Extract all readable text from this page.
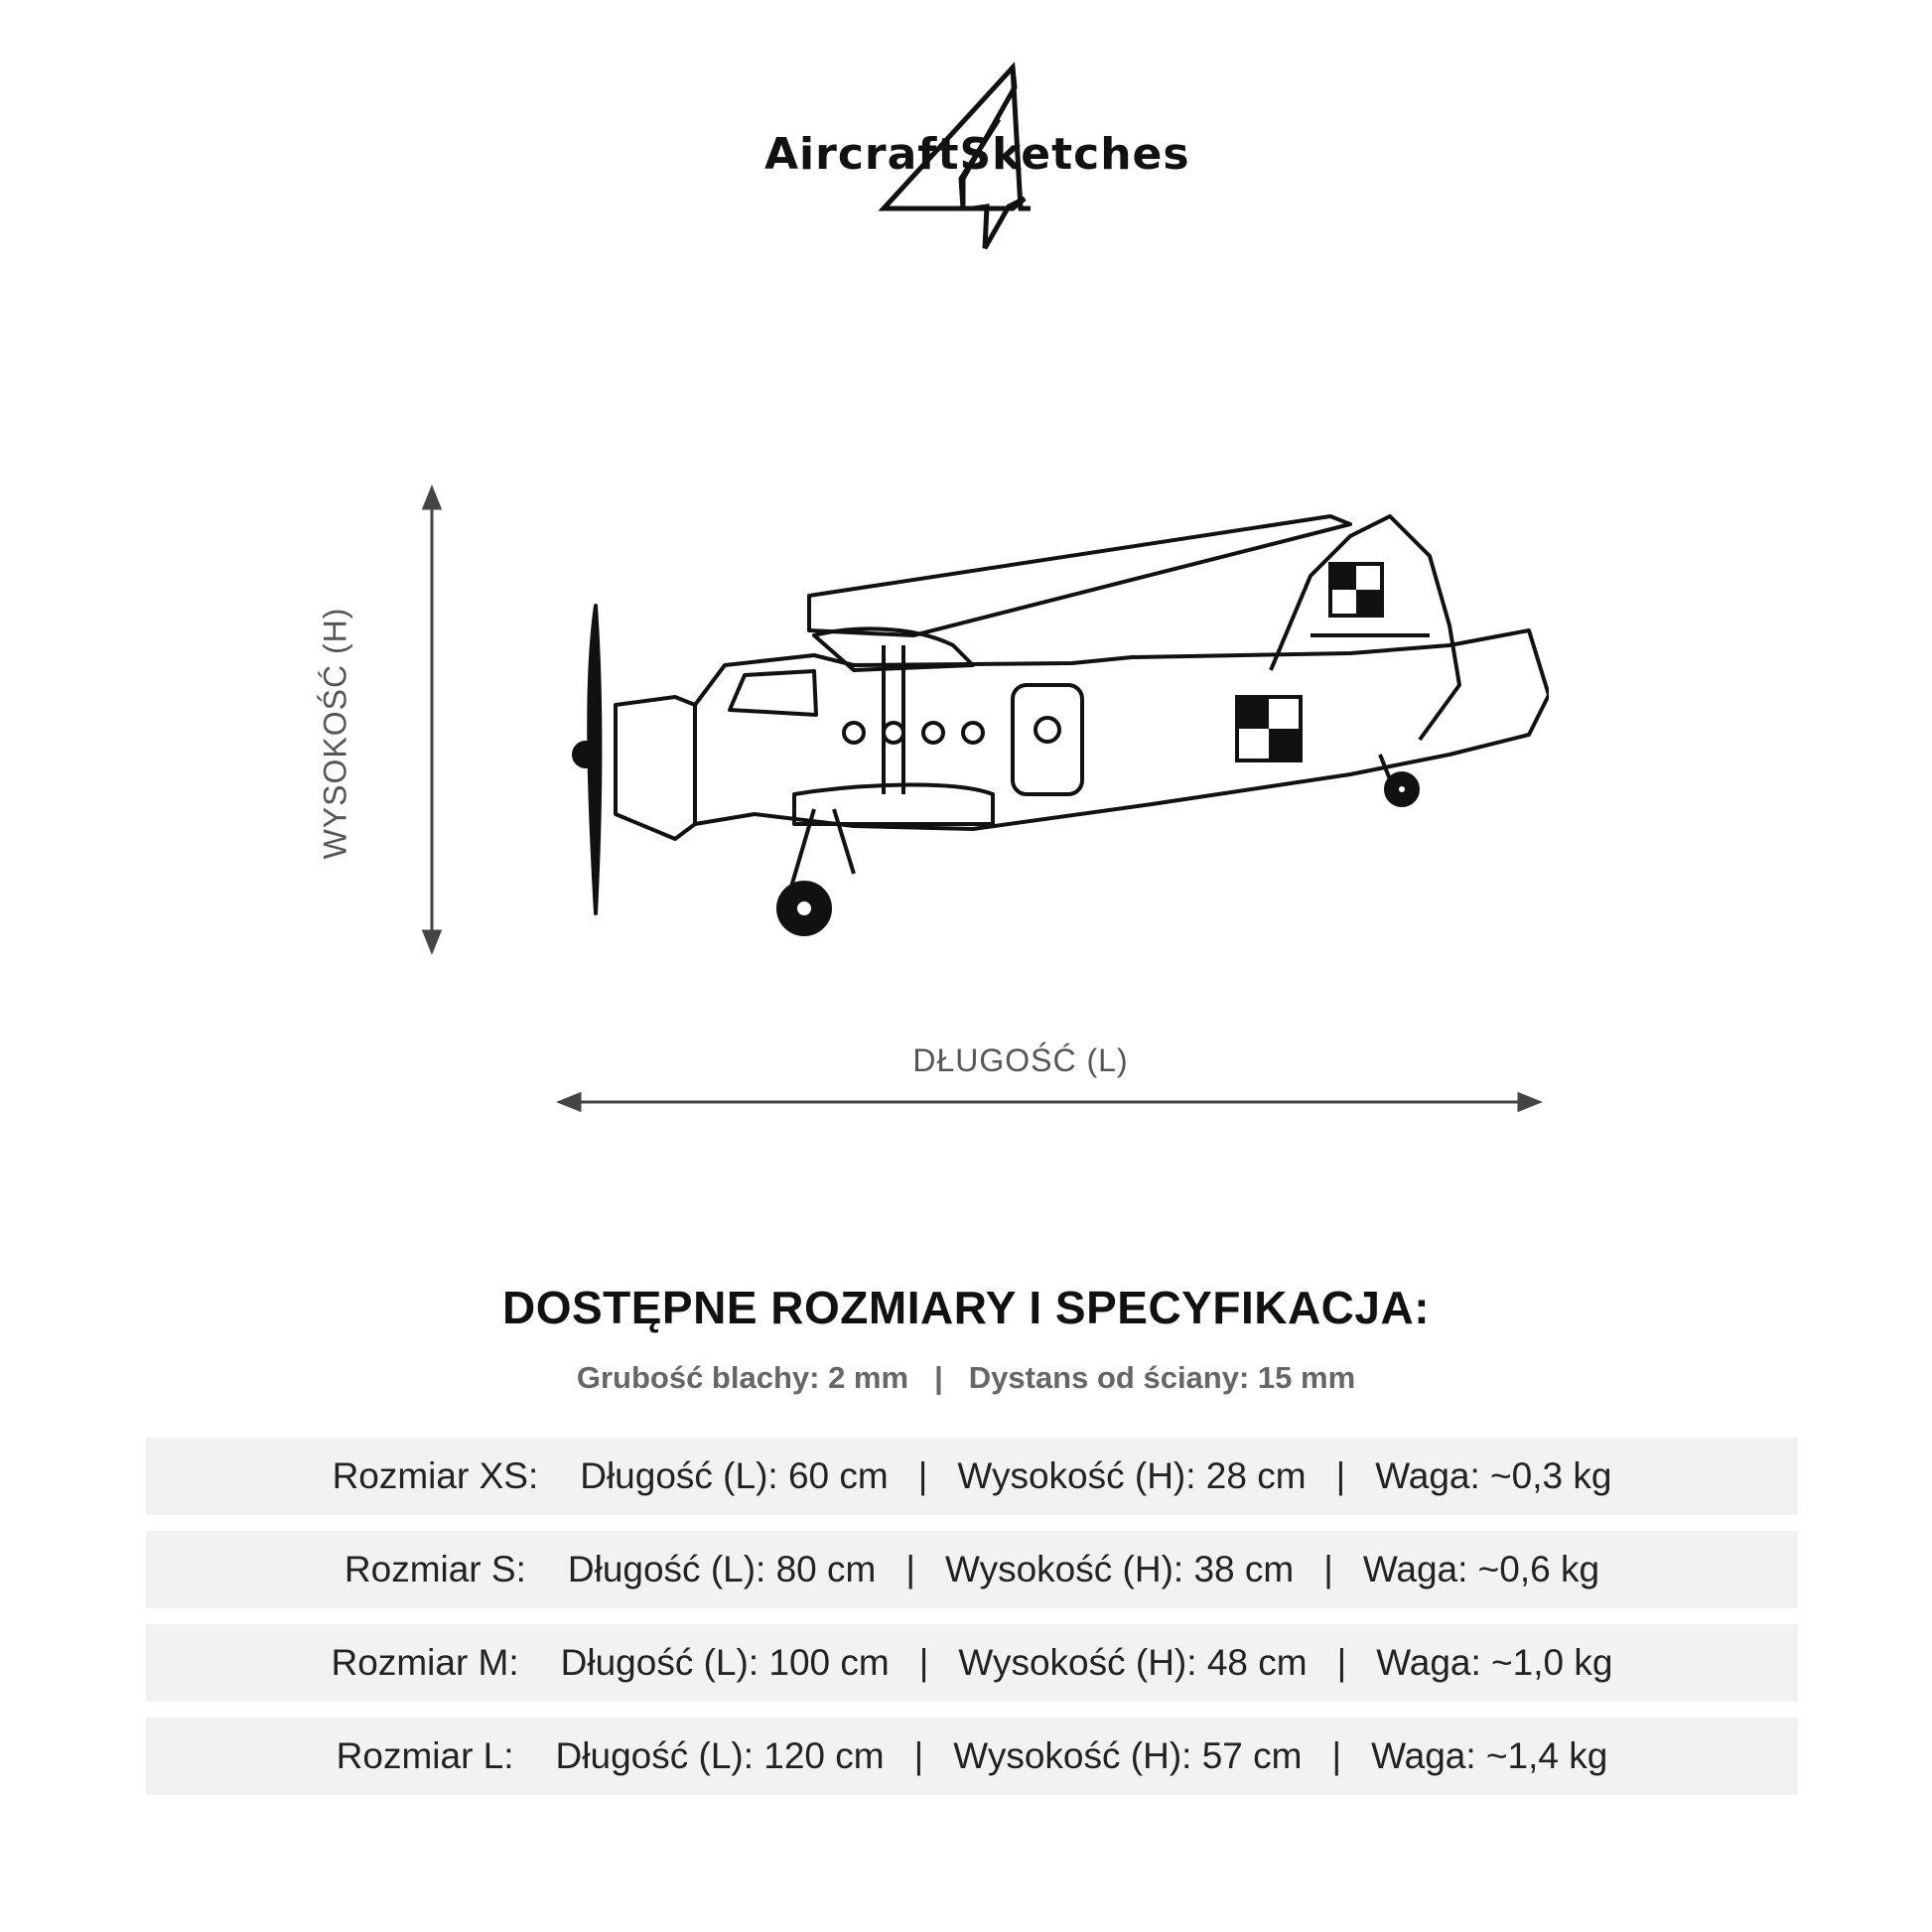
AircraftSketches
WYSOKOŚĆ (H)
DŁUGOŚĆ (L)
DOSTĘPNE ROZMIARY I SPECYFIKACJA:
Grubość blachy: 2 mm | Dystans od ściany: 15 mm
Rozmiar XS: Długość (L): 60 cm | Wysokość (H): 28 cm | Waga: ~0,3 kg
Rozmiar S: Długość (L): 80 cm | Wysokość (H): 38 cm | Waga: ~0,6 kg
Rozmiar M: Długość (L): 100 cm | Wysokość (H): 48 cm | Waga: ~1,0 kg
Rozmiar L: Długość (L): 120 cm | Wysokość (H): 57 cm | Waga: ~1,4 kg
